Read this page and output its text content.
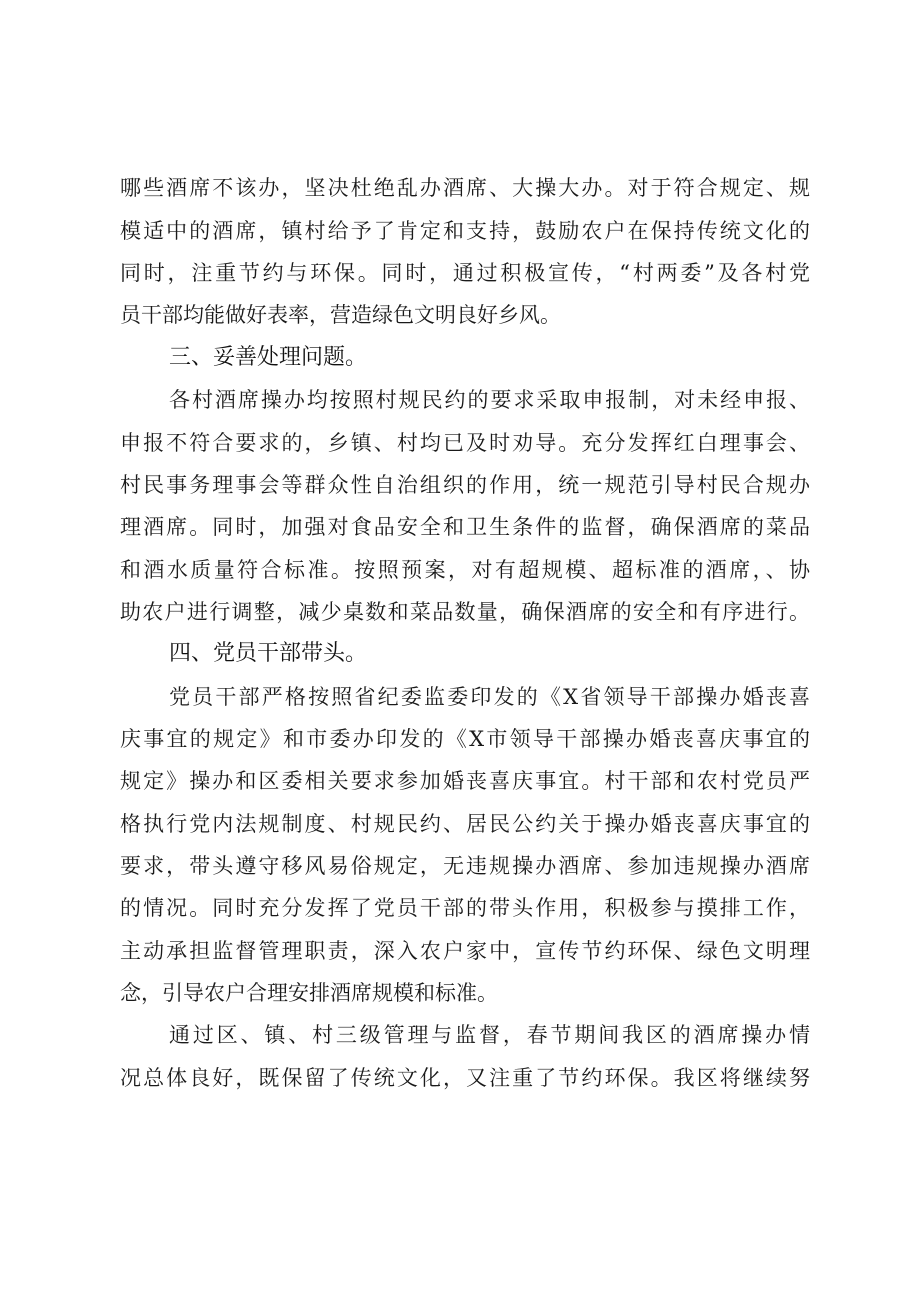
哪些酒席不该办，坚决杜绝乱办酒席、大操大办。对于符合规定、规
模适中的酒席，镇村给予了肯定和支持，鼓励农户在保持传统文化的
同时，注重节约与环保。同时，通过积极宣传，“村两委”及各村党
员干部均能做好表率，营造绿色文明良好乡风。
三、妥善处理问题。
各村酒席操办均按照村规民约的要求采取申报制，对未经申报、
申报不符合要求的，乡镇、村均已及时劝导。充分发挥红白理事会、
村民事务理事会等群众性自治组织的作用，统一规范引导村民合规办
理酒席。同时，加强对食品安全和卫生条件的监督，确保酒席的菜品
和酒水质量符合标准。按照预案，对有超规模、超标准的酒席，、协
助农户进行调整，减少桌数和菜品数量，确保酒席的安全和有序进行。
四、党员干部带头。
党员干部严格按照省纪委监委印发的《X省领导干部操办婚丧喜
庆事宜的规定》和市委办印发的《X市领导干部操办婚丧喜庆事宜的
规定》操办和区委相关要求参加婚丧喜庆事宜。村干部和农村党员严
格执行党内法规制度、村规民约、居民公约关于操办婚丧喜庆事宜的
要求，带头遵守移风易俗规定，无违规操办酒席、参加违规操办酒席
的情况。同时充分发挥了党员干部的带头作用，积极参与摸排工作，
主动承担监督管理职责，深入农户家中，宣传节约环保、绿色文明理
念，引导农户合理安排酒席规模和标准。
通过区、镇、村三级管理与监督，春节期间我区的酒席操办情
况总体良好，既保留了传统文化，又注重了节约环保。我区将继续努
